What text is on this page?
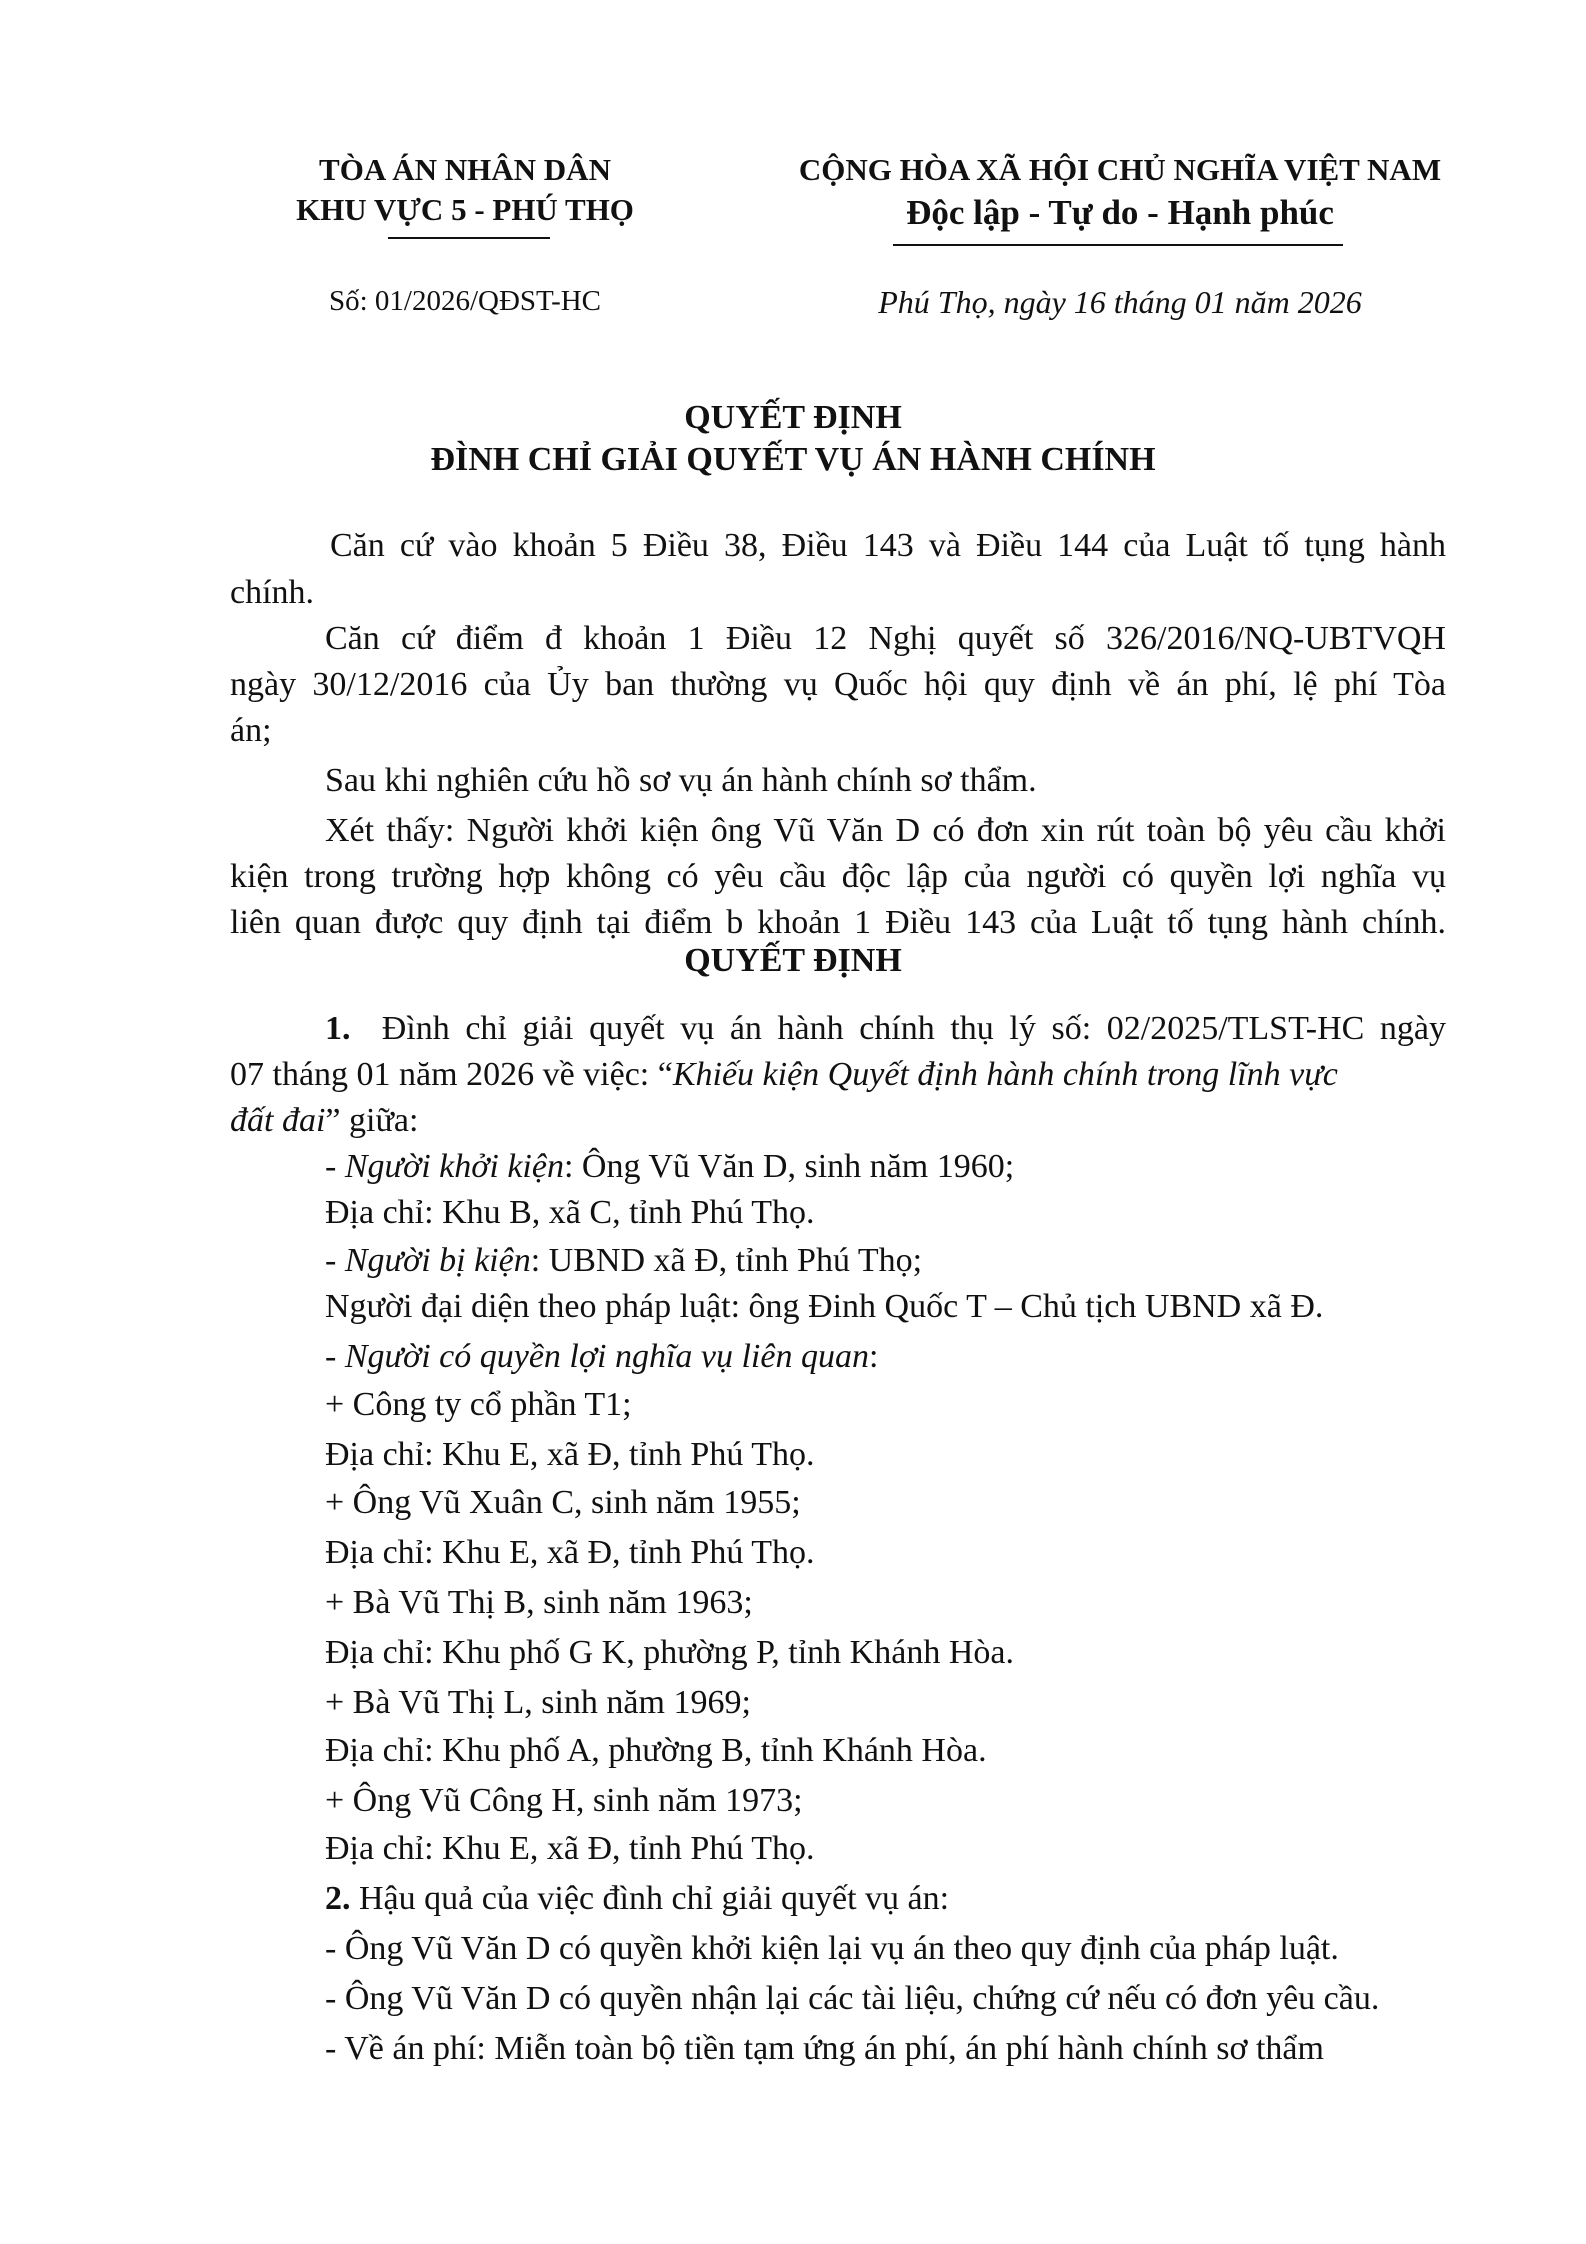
TÒA ÁN NHÂN DÂN
KHU VỰC 5 - PHÚ THỌ
CỘNG HÒA XÃ HỘI CHỦ NGHĨA VIỆT NAM
Độc lập - Tự do - Hạnh phúc
Số: 01/2026/QĐST-HC	Phú Thọ, ngày 16 tháng 01 năm 2026
QUYẾT ĐỊNH
ĐÌNH CHỈ GIẢI QUYẾT VỤ ÁN HÀNH CHÍNH
Căn cứ vào khoản 5 Điều 38, Điều 143 và Điều 144 của Luật tố tụng hành
chính.
Căn cứ điểm đ khoản 1 Điều 12 Nghị quyết số 326/2016/NQ-UBTVQH
ngày 30/12/2016 của Ủy ban thường vụ Quốc hội quy định về án phí, lệ phí Tòa
án;
Sau khi nghiên cứu hồ sơ vụ án hành chính sơ thẩm.
Xét thấy: Người khởi kiện ông Vũ Văn D có đơn xin rút toàn bộ yêu cầu khởi
kiện trong trường hợp không có yêu cầu độc lập của người có quyền lợi nghĩa vụ
liên quan được quy định tại điểm b khoản 1 Điều 143 của Luật tố tụng hành chính.
QUYẾT ĐỊNH
1. Đình chỉ giải quyết vụ án hành chính thụ lý số: 02/2025/TLST-HC ngày
07 tháng 01 năm 2026 về việc: “Khiếu kiện Quyết định hành chính trong lĩnh vực
đất đai” giữa:
- Người khởi kiện: Ông Vũ Văn D, sinh năm 1960;
Địa chỉ: Khu B, xã C, tỉnh Phú Thọ.
- Người bị kiện: UBND xã Đ, tỉnh Phú Thọ;
Người đại diện theo pháp luật: ông Đinh Quốc T – Chủ tịch UBND xã Đ.
- Người có quyền lợi nghĩa vụ liên quan:
+ Công ty cổ phần T1;
Địa chỉ: Khu E, xã Đ, tỉnh Phú Thọ.
+ Ông Vũ Xuân C, sinh năm 1955;
Địa chỉ: Khu E, xã Đ, tỉnh Phú Thọ.
+ Bà Vũ Thị B, sinh năm 1963;
Địa chỉ: Khu phố G K, phường P, tỉnh Khánh Hòa.
+ Bà Vũ Thị L, sinh năm 1969;
Địa chỉ: Khu phố A, phường B, tỉnh Khánh Hòa.
+ Ông Vũ Công H, sinh năm 1973;
Địa chỉ: Khu E, xã Đ, tỉnh Phú Thọ.
2. Hậu quả của việc đình chỉ giải quyết vụ án:
- Ông Vũ Văn D có quyền khởi kiện lại vụ án theo quy định của pháp luật.
- Ông Vũ Văn D có quyền nhận lại các tài liệu, chứng cứ nếu có đơn yêu cầu.
- Về án phí: Miễn toàn bộ tiền tạm ứng án phí, án phí hành chính sơ thẩm
